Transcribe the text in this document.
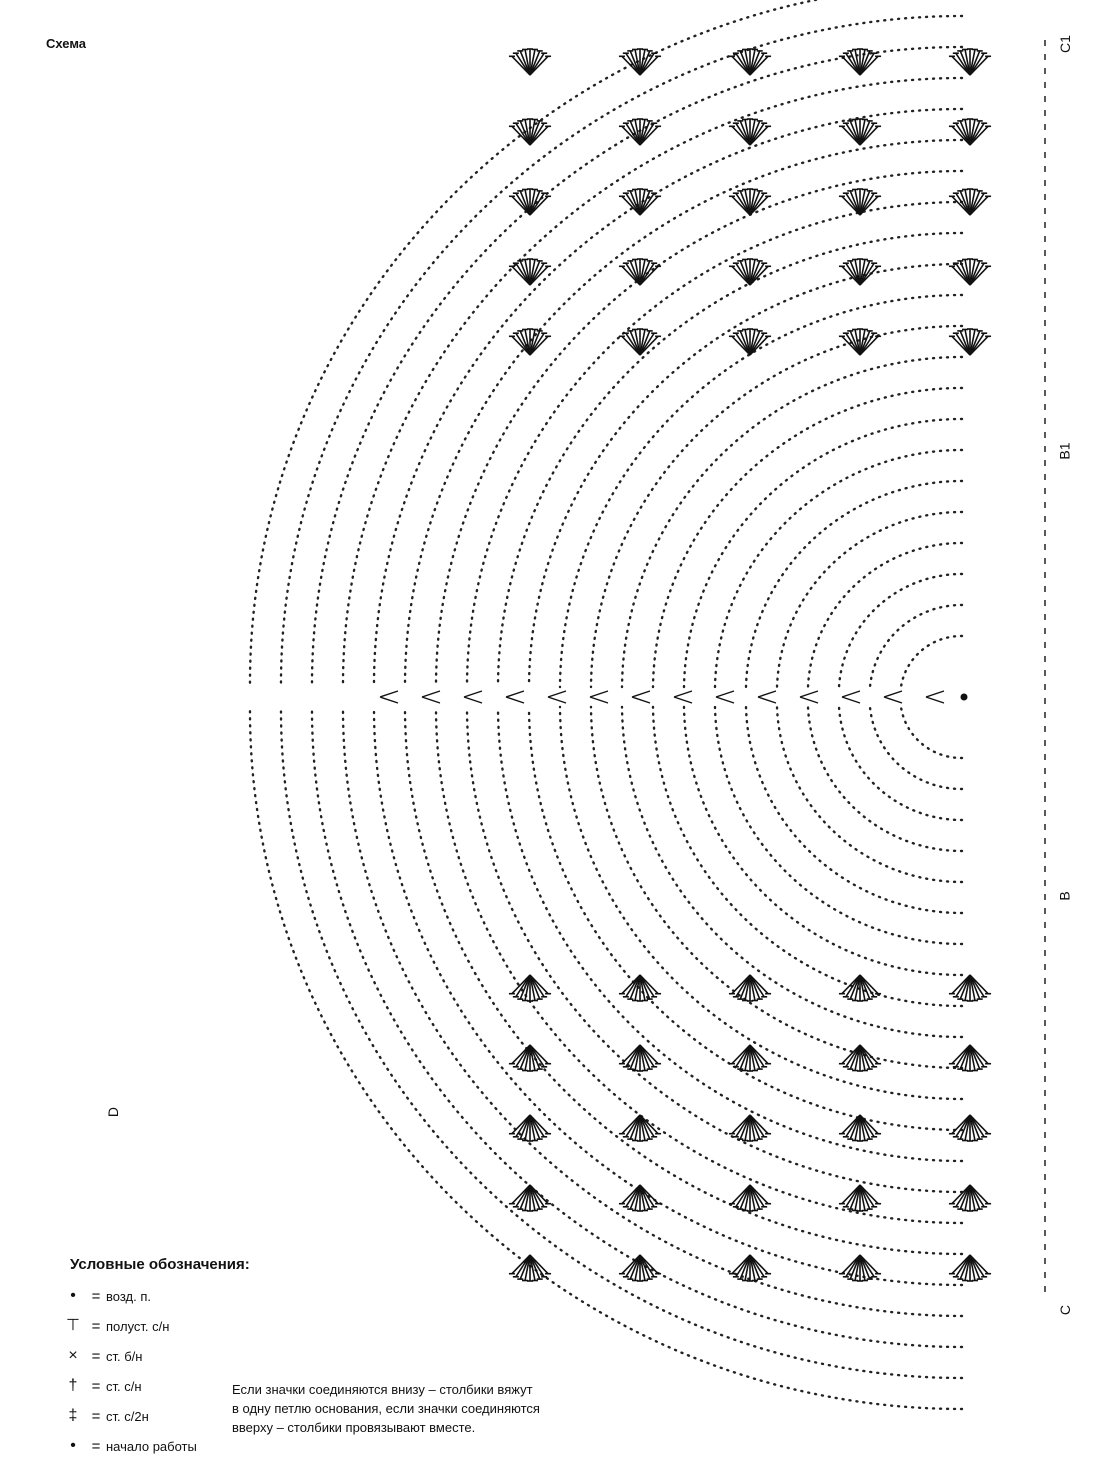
Схема	C1
B1
B
C
D
Условные обозначения:
•	= возд. п.
⊤ = полуст. с/н
× = ст. б/н
† = ст. с/н
‡ = ст. с/2н
•	= начало работы
Если значки соединяются внизу – столбики вяжут
в одну петлю основания, если значки соединяются
вверху – столбики провязывают вместе.
